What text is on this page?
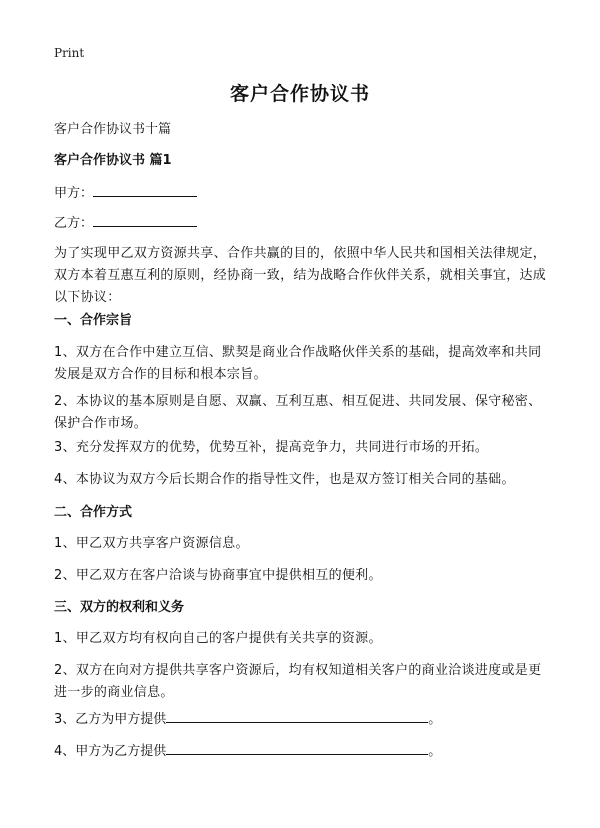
Print
客户合作协议书
客户合作协议书十篇
客户合作协议书 篇1
甲方：
乙方：
为了实现甲乙双方资源共享、合作共赢的目的，依照中华人民共和国相关法律规定，双方本着互惠互利的原则，经协商一致，结为战略合作伙伴关系，就相关事宜，达成以下协议：
一、合作宗旨
1、双方在合作中建立互信、默契是商业合作战略伙伴关系的基础，提高效率和共同发展是双方合作的目标和根本宗旨。
2、本协议的基本原则是自愿、双赢、互利互惠、相互促进、共同发展、保守秘密、保护合作市场。
3、充分发挥双方的优势，优势互补，提高竞争力，共同进行市场的开拓。
4、本协议为双方今后长期合作的指导性文件，也是双方签订相关合同的基础。
二、合作方式
1、甲乙双方共享客户资源信息。
2、甲乙双方在客户洽谈与协商事宜中提供相互的便利。
三、双方的权利和义务
1、甲乙双方均有权向自己的客户提供有关共享的资源。
2、双方在向对方提供共享客户资源后，均有权知道相关客户的商业洽谈进度或是更进一步的商业信息。
3、乙方为甲方提供	。
4、甲方为乙方提供	。
